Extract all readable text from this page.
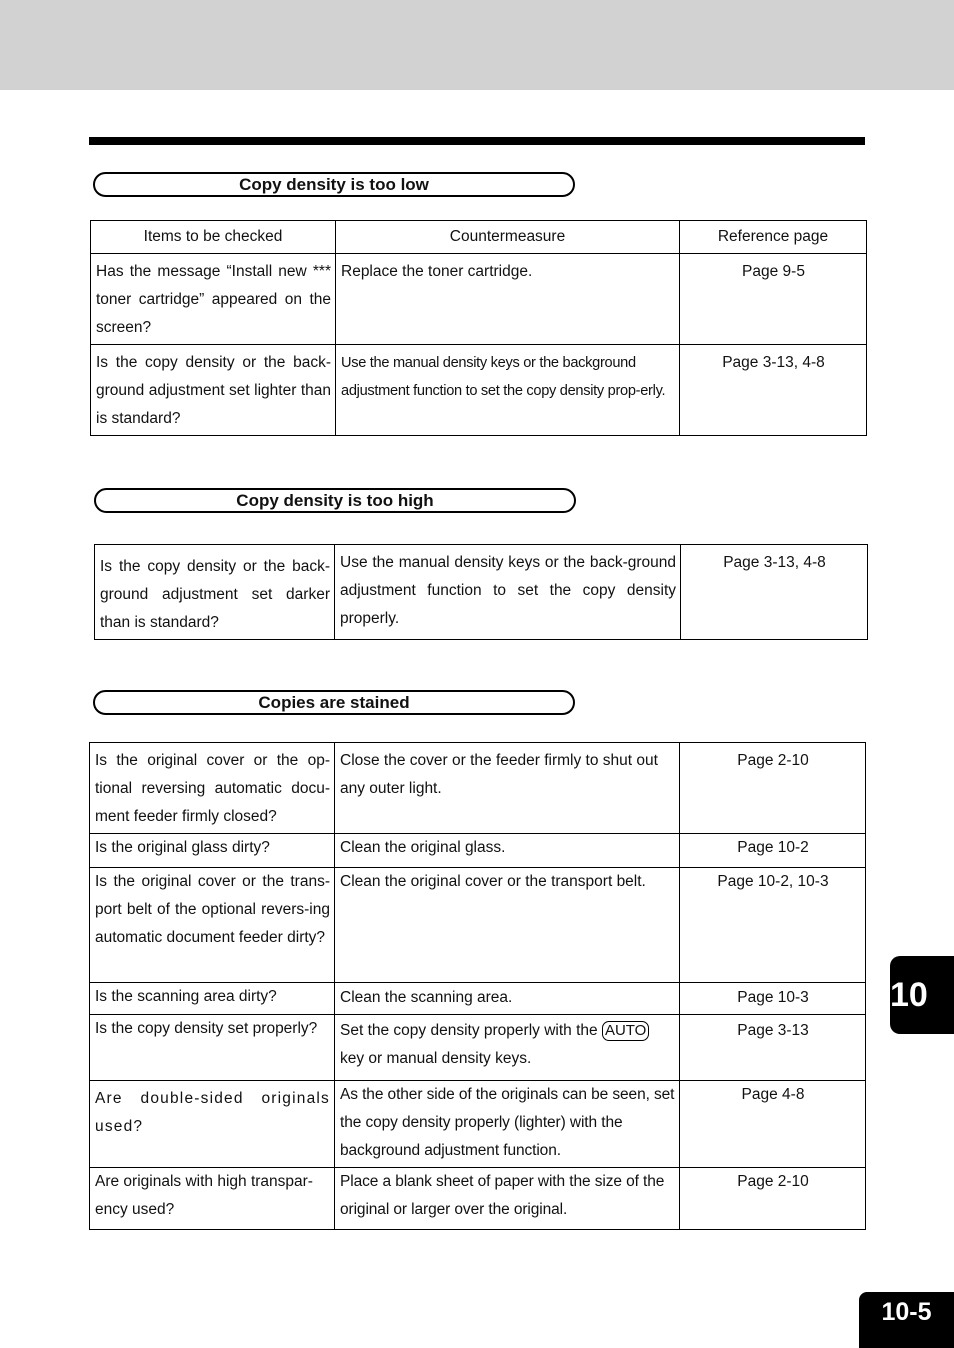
Copy density is too low
Items to be checked	Countermeasure	Reference page
Has the message “Install new *** toner cartridge” appeared on the screen?	Replace the toner cartridge.	Page 9-5
Is the copy density or the back-ground adjustment set lighter than is standard?	Use the manual density keys or the background adjustment function to set the copy density prop-erly.	Page 3-13, 4-8
Copy density is too high
Is the copy density or the back-ground adjustment set darker than is standard?	Use the manual density keys or the back-ground adjustment function to set the copy density properly.	Page 3-13, 4-8
Copies are stained
Is the original cover or the op-tional reversing automatic docu-ment feeder firmly closed?	Close the cover or the feeder firmly to shut out any outer light.	Page 2-10
Is the original glass dirty?	Clean the original glass.	Page 10-2
Is the original cover or the trans-port belt of the optional revers-ing automatic document feeder dirty?	Clean the original cover or the transport belt.	Page 10-2, 10-3
Is the scanning area dirty?	Clean the scanning area.	Page 10-3
Is the copy density set properly?	Set the copy density properly with the AUTO key or manual density keys.	Page 3-13
Are double-sided originals used?	As the other side of the originals can be seen, set the copy density properly (lighter) with the background adjustment function.	Page 4-8
Are originals with high transpar-ency used?	Place a blank sheet of paper with the size of the original or larger over the original.	Page 2-10
10
10-5
